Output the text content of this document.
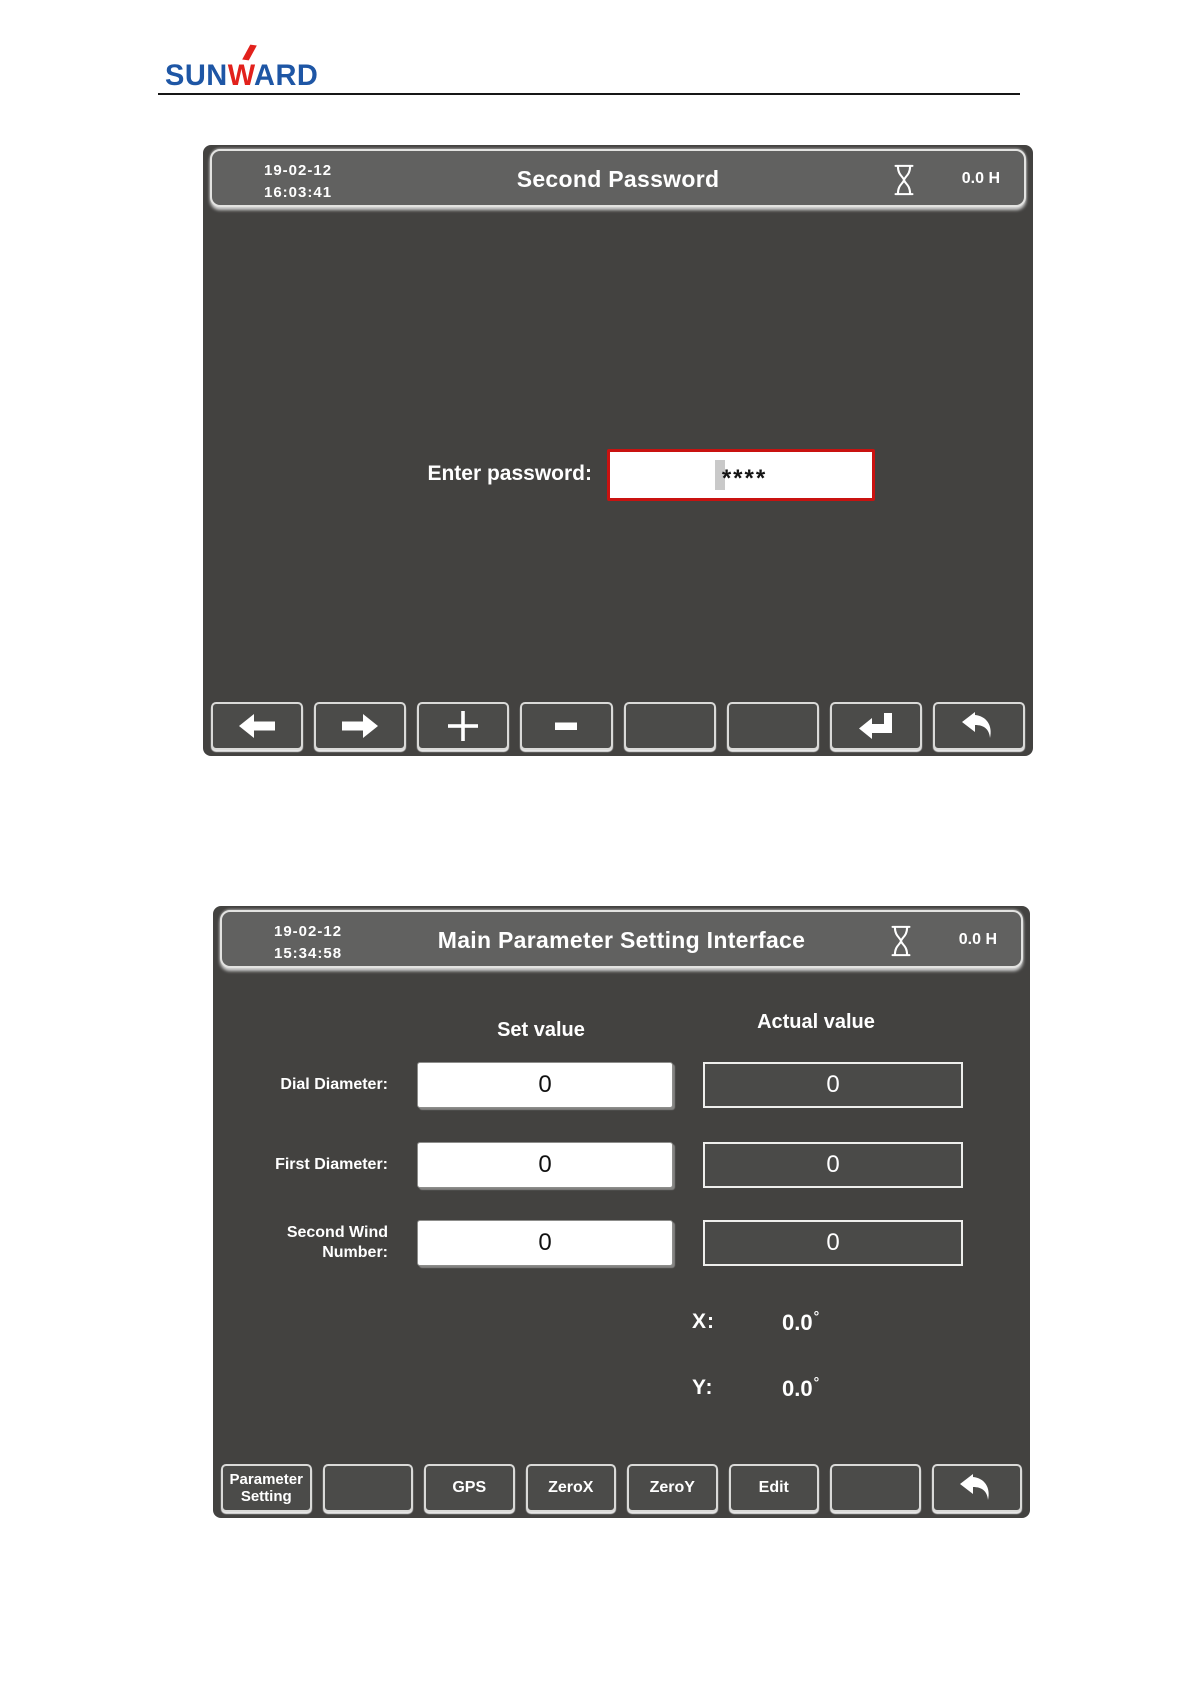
SUNWARD
19-02-12
16:03:41
Second Password	0.0 H
Enter password:	****
19-02-12
15:34:58
Main Parameter Setting Interface	0.0 H
Set value	Actual value
Dial Diameter:	0	0
First Diameter:	0	0
Second Wind Number:	0	0
X:	0.0°
Y:	0.0°
Parameter Setting
GPS	ZeroX	ZeroY	Edit
